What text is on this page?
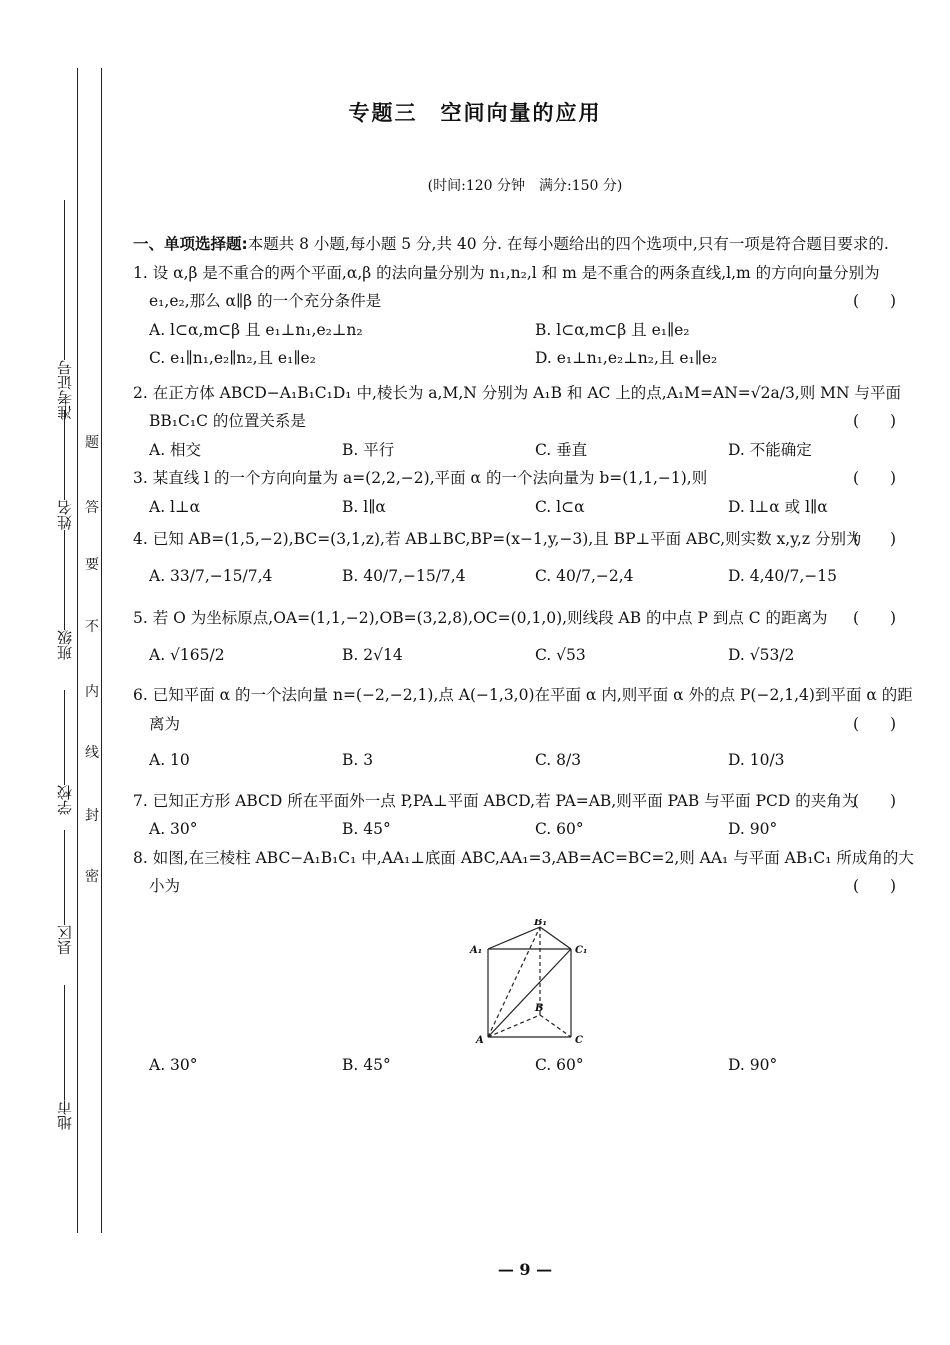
准考证号
姓名
班级
学校
县区
地市
题
答
要
不
内
线
封
密
专题三　空间向量的应用
(时间:120 分钟　满分:150 分)
一、单项选择题:本题共 8 小题,每小题 5 分,共 40 分. 在每小题给出的四个选项中,只有一项是符合题目要求的.
1. 设 α,β 是不重合的两个平面,α,β 的法向量分别为 n₁,n₂,l 和 m 是不重合的两条直线,l,m 的方向向量分别为 e₁,e₂,那么 α∥β 的一个充分条件是	(　　)
A. l⊂α,m⊂β 且 e₁⊥n₁,e₂⊥n₂	B. l⊂α,m⊂β 且 e₁∥e₂
C. e₁∥n₁,e₂∥n₂,且 e₁∥e₂	D. e₁⊥n₁,e₂⊥n₂,且 e₁∥e₂
2. 在正方体 ABCD−A₁B₁C₁D₁ 中,棱长为 a,M,N 分别为 A₁B 和 AC 上的点,A₁M=AN=√2a/3,则 MN 与平面 BB₁C₁C 的位置关系是	(　　)
A. 相交	B. 平行	C. 垂直	D. 不能确定
3. 某直线 l 的一个方向向量为 a=(2,2,−2),平面 α 的一个法向量为 b=(1,1,−1),则	(　　)
A. l⊥α	B. l∥α	C. l⊂α	D. l⊥α 或 l∥α
4. 已知 AB=(1,5,−2),BC=(3,1,z),若 AB⊥BC,BP=(x−1,y,−3),且 BP⊥平面 ABC,则实数 x,y,z 分别为
(　　)
A. 33/7,−15/7,4	B. 40/7,−15/7,4	C. 40/7,−2,4	D. 4,40/7,−15
5. 若 O 为坐标原点,OA=(1,1,−2),OB=(3,2,8),OC=(0,1,0),则线段 AB 的中点 P 到点 C 的距离为 (　　)
A. √165/2	B. 2√14	C. √53	D. √53/2
6. 已知平面 α 的一个法向量 n=(−2,−2,1),点 A(−1,3,0)在平面 α 内,则平面 α 外的点 P(−2,1,4)到平面 α 的距离为	(　　)
A. 10	B. 3	C. 8/3	D. 10/3
7. 已知正方形 ABCD 所在平面外一点 P,PA⊥平面 ABCD,若 PA=AB,则平面 PAB 与平面 PCD 的夹角为
(　　)
A. 30°	B. 45°	C. 60°	D. 90°
8. 如图,在三棱柱 ABC−A₁B₁C₁ 中,AA₁⊥底面 ABC,AA₁=3,AB=AC=BC=2,则 AA₁ 与平面 AB₁C₁ 所成角的大小为	(　　)
B₁
A₁	C₁
B
A	C
A. 30°	B. 45°	C. 60°	D. 90°
— 9 —
